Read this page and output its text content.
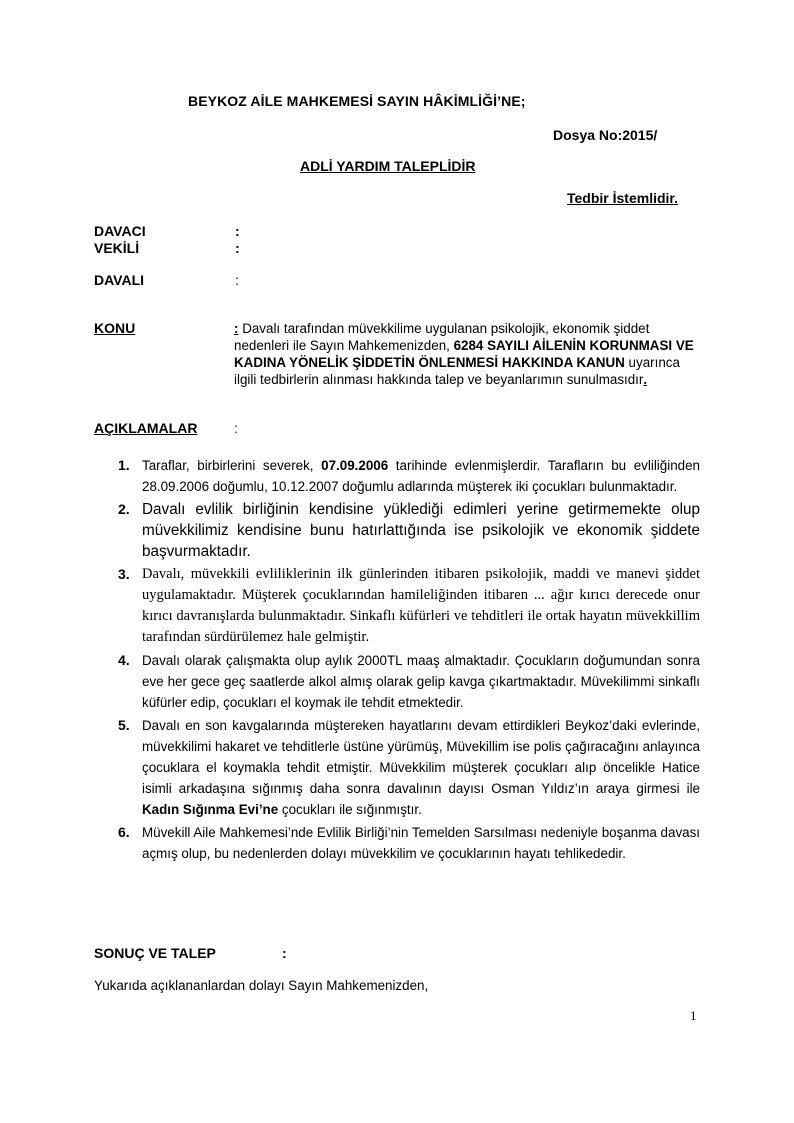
BEYKOZ AİLE MAHKEMESİ SAYIN HÂKİMLİĞİ’NE;
Dosya No:2015/
ADLİ YARDIM TALEPLİDİR
Tedbir İstemlidir.
DAVACI	:
VEKİLİ	:
DAVALI	:
KONU	: Davalı tarafından müvekkilime uygulanan psikolojik, ekonomik şiddet nedenleri ile Sayın Mahkemenizden, 6284 SAYILI AİLENİN KORUNMASI VE KADINA YÖNELİK ŞİDDETİN ÖNLENMESİ HAKKINDA KANUN uyarınca ilgili tedbirlerin alınması hakkında talep ve beyanlarımın sunulmasıdır.
AÇIKLAMALAR	:
1. Taraflar, birbirlerini severek, 07.09.2006 tarihinde evlenmişlerdir. Tarafların bu evliliğinden 28.09.2006 doğumlu, 10.12.2007 doğumlu adlarında müşterek iki çocukları bulunmaktadır.
2. Davalı evlilik birliğinin kendisine yüklediği edimleri yerine getirmemekte olup müvekkilimiz kendisine bunu hatırlattığında ise psikolojik ve ekonomik şiddete başvurmaktadır.
3. Davalı, müvekkili evliliklerinin ilk günlerinden itibaren psikolojik, maddi ve manevi şiddet uygulamaktadır. Müşterek çocuklarından hamileliğinden itibaren ... ağır kırıcı derecede onur kırıcı davranışlarda bulunmaktadır. Sinkaflı küfürleri ve tehditleri ile ortak hayatın müvekkillim tarafından sürdürülemez hale gelmiştir.
4. Davalı olarak çalışmakta olup aylık 2000TL maaş almaktadır. Çocukların doğumundan sonra eve her gece geç saatlerde alkol almış olarak gelip kavga çıkartmaktadır. Müvekilimmi sinkaflı küfürler edip, çocukları el koymak ile tehdit etmektedir.
5. Davalı en son kavgalarında müştereken hayatlarını devam ettirdikleri Beykoz’daki evlerinde, müvekkilimi hakaret ve tehditlerle üstüne yürümüş, Müvekillim ise polis çağıracağını anlayınca çocuklara el koymakla tehdit etmiştir. Müvekkilim müşterek çocukları alıp öncelikle Hatice isimli arkadaşına sığınmış daha sonra davalının dayısı Osman Yıldız’ın araya girmesi ile Kadın Sığınma Evi’ne çocukları ile sığınmıştır.
6. Müvekill Aile Mahkemesi’nde Evlilik Birliği’nin Temelden Sarsılması nedeniyle boşanma davası açmış olup, bu nedenlerden dolayı müvekkilim ve çocuklarının hayatı tehlikededir.
SONUÇ VE TALEP	:
Yukarıda açıklananlardan dolayı Sayın Mahkemenizden,
1
